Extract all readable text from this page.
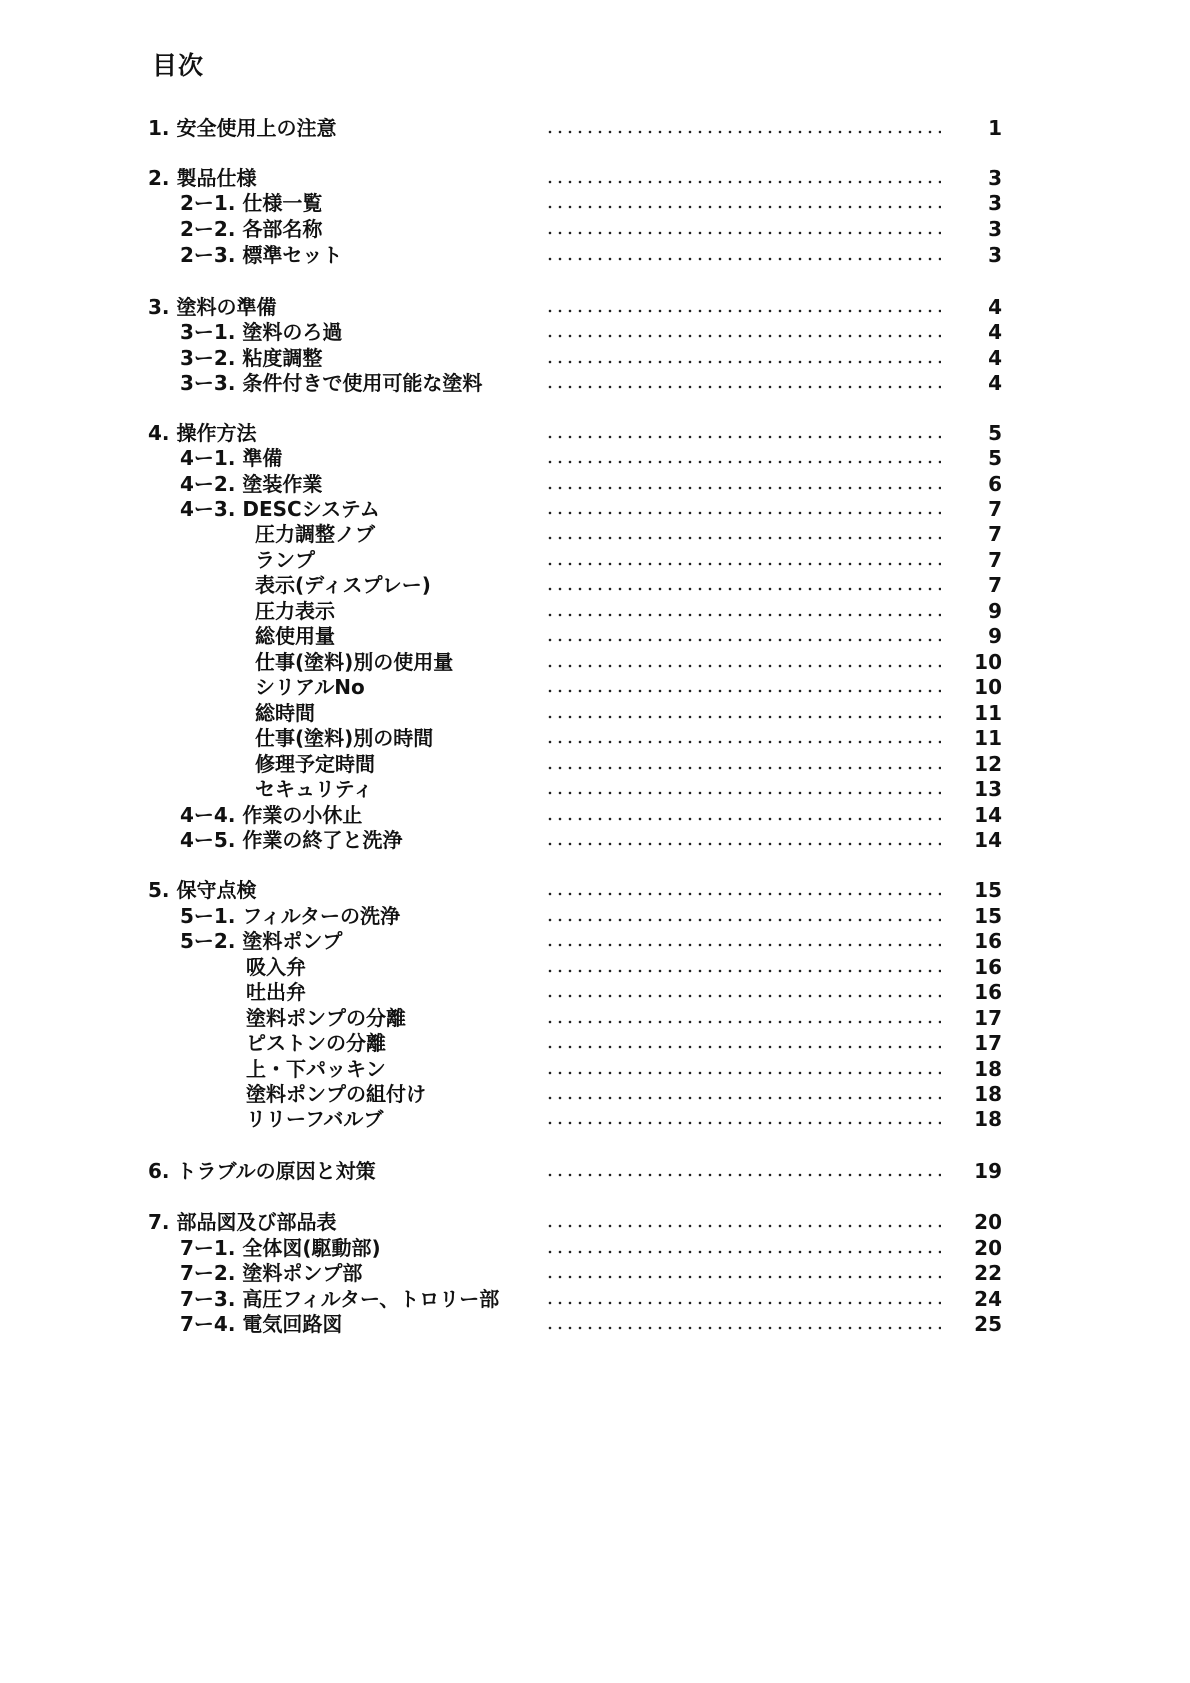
目次
1. 安全使用上の注意	1
2. 製品仕様	3
2ー1. 仕様一覧	3
2ー2. 各部名称	3
2ー3. 標準セット	3
3. 塗料の準備	4
3ー1. 塗料のろ過	4
3ー2. 粘度調整	4
3ー3. 条件付きで使用可能な塗料	4
4. 操作方法	5
4ー1. 準備	5
4ー2. 塗装作業	6
4ー3. DESCシステム	7
圧力調整ノブ	7
ランプ	7
表示(ディスプレー)	7
圧力表示	9
総使用量	9
仕事(塗料)別の使用量	10
シリアルNo	10
総時間	11
仕事(塗料)別の時間	11
修理予定時間	12
セキュリティ	13
4ー4. 作業の小休止	14
4ー5. 作業の終了と洗浄	14
5. 保守点検	15
5ー1. フィルターの洗浄	15
5ー2. 塗料ポンプ	16
吸入弁	16
吐出弁	16
塗料ポンプの分離	17
ピストンの分離	17
上・下パッキン	18
塗料ポンプの組付け	18
リリーフバルブ	18
6. トラブルの原因と対策	19
7. 部品図及び部品表	20
7ー1. 全体図(駆動部)	20
7ー2. 塗料ポンプ部	22
7ー3. 高圧フィルター、トロリー部	24
7ー4. 電気回路図	25
